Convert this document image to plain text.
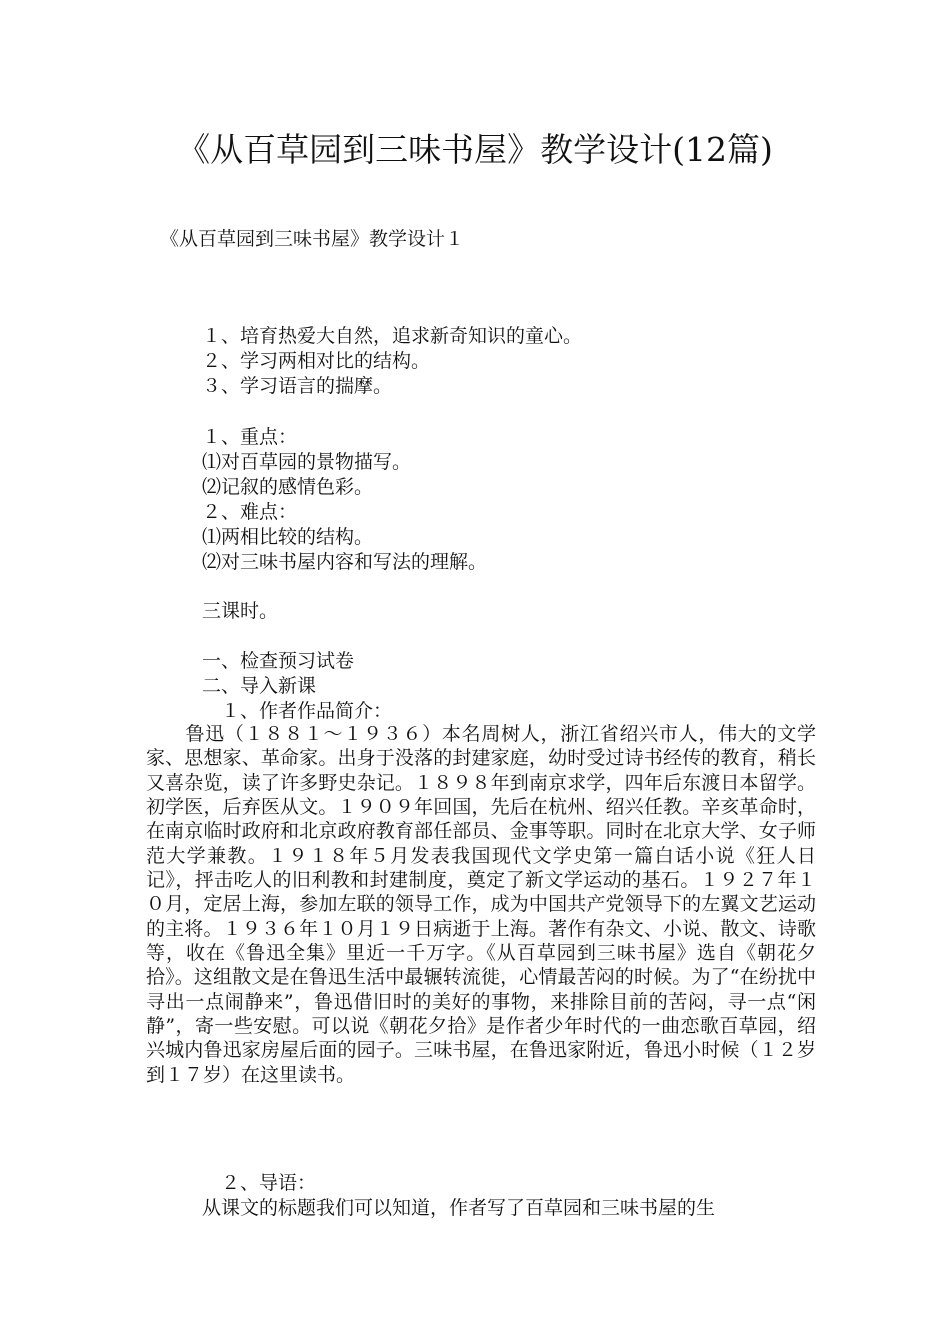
《从百草园到三味书屋》教学设计(12篇)
《从百草园到三味书屋》教学设计１
１、培育热爱大自然，追求新奇知识的童心。
２、学习两相对比的结构。
３、学习语言的揣摩。
１、重点：
⑴对百草园的景物描写。
⑵记叙的感情色彩。
２、难点：
⑴两相比较的结构。
⑵对三味书屋内容和写法的理解。
三课时。
一、检查预习试卷
二、导入新课
　１、作者作品简介：
　　鲁迅（１８８１～１９３６）本名周树人，浙江省绍兴市人，伟大的文学家、思想家、革命家。出身于没落的封建家庭，幼时受过诗书经传的教育，稍长又喜杂览，读了许多野史杂记。１８９８年到南京求学，四年后东渡日本留学。初学医，后弃医从文。１９０９年回国，先后在杭州、绍兴任教。辛亥革命时，在南京临时政府和北京政府教育部任部员、金事等职。同时在北京大学、女子师范大学兼教。１９１８年５月发表我国现代文学史第一篇白话小说《狂人日记》，抨击吃人的旧利教和封建制度，奠定了新文学运动的基石。１９２７年１０月，定居上海，参加左联的领导工作，成为中国共产党领导下的左翼文艺运动的主将。１９３６年１０月１９日病逝于上海。著作有杂文、小说、散文、诗歌等，收在《鲁迅全集》里近一千万字。《从百草园到三味书屋》选自《朝花夕拾》。这组散文是在鲁迅生活中最辗转流徙，心情最苦闷的时候。为了“在纷扰中寻出一点闹静来”，鲁迅借旧时的美好的事物，来排除目前的苦闷，寻一点“闲静”，寄一些安慰。可以说《朝花夕拾》是作者少年时代的一曲恋歌百草园，绍兴城内鲁迅家房屋后面的园子。三味书屋，在鲁迅家附近，鲁迅小时候（１２岁到１７岁）在这里读书。
　２、导语：
从课文的标题我们可以知道，作者写了百草园和三味书屋的生
